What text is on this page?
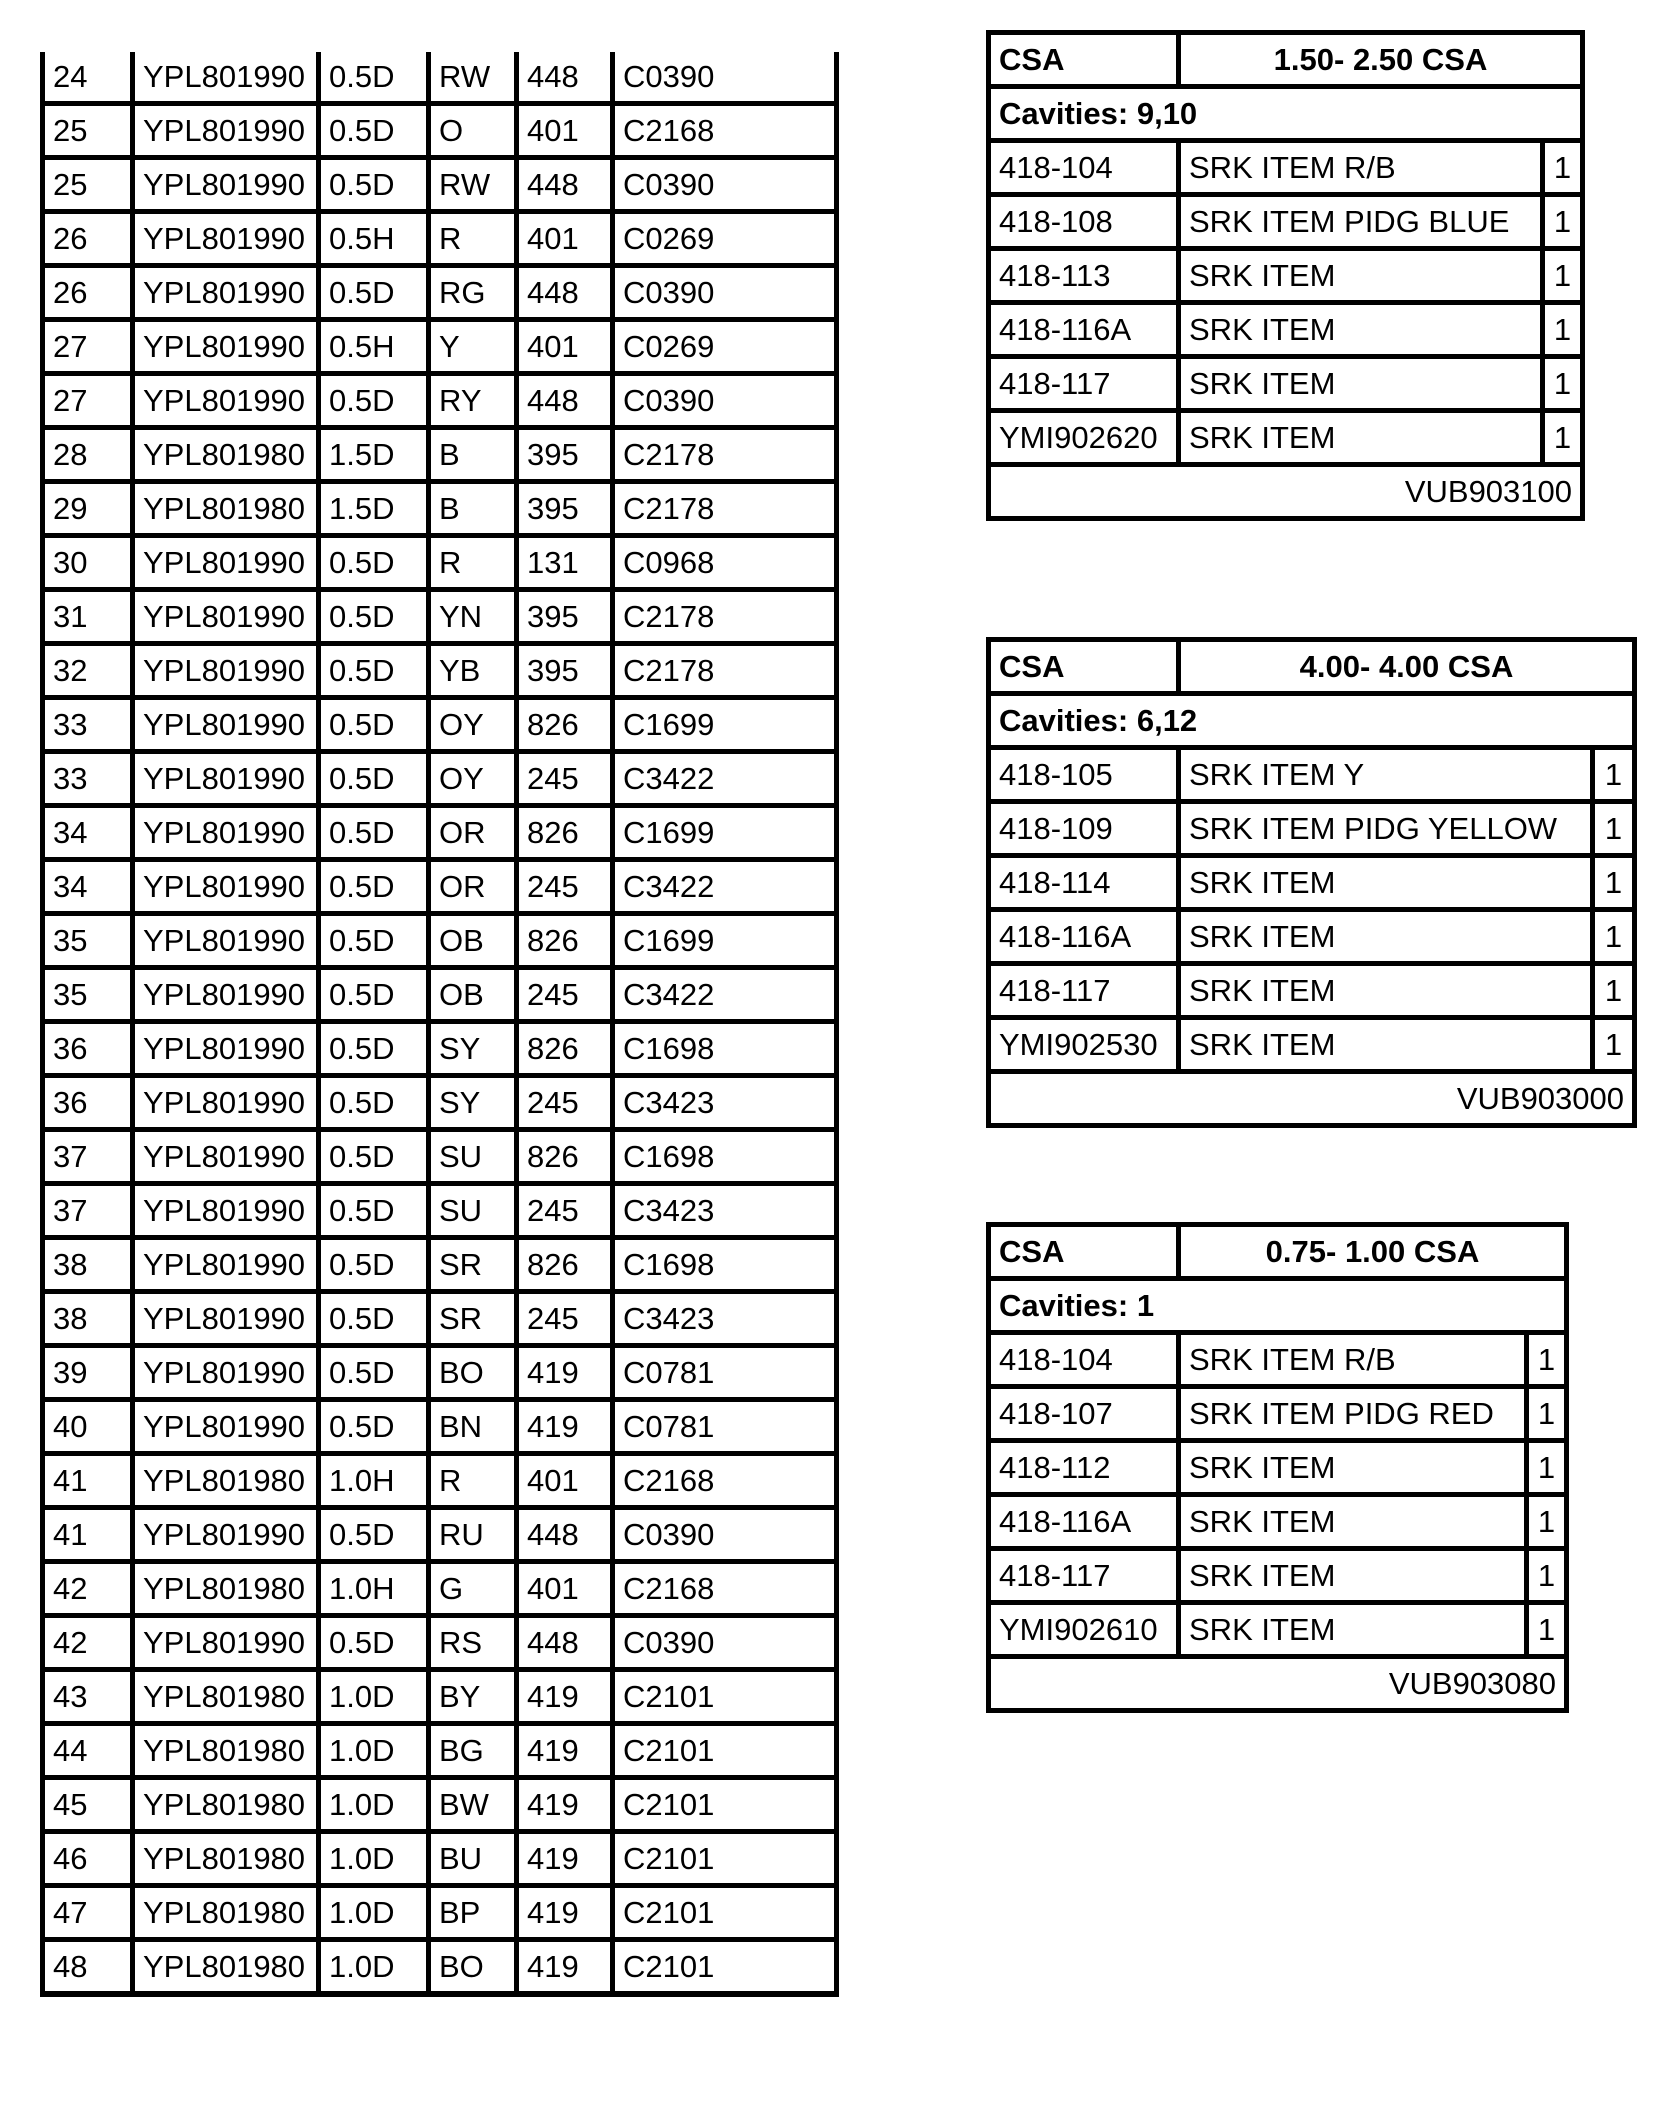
24	YPL801990	0.5D	RW	448	C0390
25	YPL801990	0.5D	O	401	C2168
25	YPL801990	0.5D	RW	448	C0390
26	YPL801990	0.5H	R	401	C0269
26	YPL801990	0.5D	RG	448	C0390
27	YPL801990	0.5H	Y	401	C0269
27	YPL801990	0.5D	RY	448	C0390
28	YPL801980	1.5D	B	395	C2178
29	YPL801980	1.5D	B	395	C2178
30	YPL801990	0.5D	R	131	C0968
31	YPL801990	0.5D	YN	395	C2178
32	YPL801990	0.5D	YB	395	C2178
33	YPL801990	0.5D	OY	826	C1699
33	YPL801990	0.5D	OY	245	C3422
34	YPL801990	0.5D	OR	826	C1699
34	YPL801990	0.5D	OR	245	C3422
35	YPL801990	0.5D	OB	826	C1699
35	YPL801990	0.5D	OB	245	C3422
36	YPL801990	0.5D	SY	826	C1698
36	YPL801990	0.5D	SY	245	C3423
37	YPL801990	0.5D	SU	826	C1698
37	YPL801990	0.5D	SU	245	C3423
38	YPL801990	0.5D	SR	826	C1698
38	YPL801990	0.5D	SR	245	C3423
39	YPL801990	0.5D	BO	419	C0781
40	YPL801990	0.5D	BN	419	C0781
41	YPL801980	1.0H	R	401	C2168
41	YPL801990	0.5D	RU	448	C0390
42	YPL801980	1.0H	G	401	C2168
42	YPL801990	0.5D	RS	448	C0390
43	YPL801980	1.0D	BY	419	C2101
44	YPL801980	1.0D	BG	419	C2101
45	YPL801980	1.0D	BW	419	C2101
46	YPL801980	1.0D	BU	419	C2101
47	YPL801980	1.0D	BP	419	C2101
48	YPL801980	1.0D	BO	419	C2101
CSA	1.50- 2.50 CSA	
Cavities: 9,10		
418-104	SRK ITEM R/B	1
418-108	SRK ITEM PIDG BLUE	1
418-113	SRK ITEM	1
418-116A	SRK ITEM	1
418-117	SRK ITEM	1
YMI902620	SRK ITEM	1
VUB903100		
CSA	4.00- 4.00 CSA	
Cavities: 6,12		
418-105	SRK ITEM Y	1
418-109	SRK ITEM PIDG YELLOW	1
418-114	SRK ITEM	1
418-116A	SRK ITEM	1
418-117	SRK ITEM	1
YMI902530	SRK ITEM	1
VUB903000		
CSA	0.75- 1.00 CSA	
Cavities: 1		
418-104	SRK ITEM R/B	1
418-107	SRK ITEM PIDG RED	1
418-112	SRK ITEM	1
418-116A	SRK ITEM	1
418-117	SRK ITEM	1
YMI902610	SRK ITEM	1
VUB903080		
